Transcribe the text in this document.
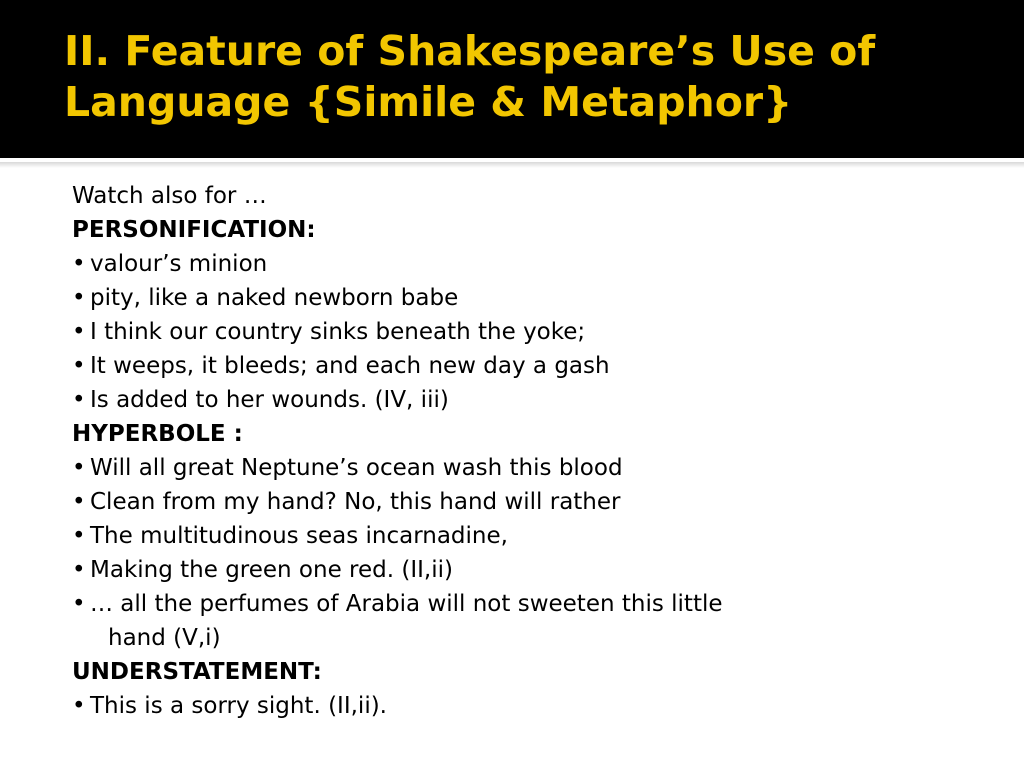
II. Feature of Shakespeare’s Use of
Language {Simile & Metaphor}
Watch also for …
PERSONIFICATION:
• valour’s minion
• pity, like a naked newborn babe
• I think our country sinks beneath the yoke;
• It weeps, it bleeds; and each new day a gash
• Is added to her wounds. (IV, iii)
HYPERBOLE :
• Will all great Neptune’s ocean wash this blood
• Clean from my hand? No, this hand will rather
• The multitudinous seas incarnadine,
• Making the green one red. (II,ii)
• … all the perfumes of Arabia will not sweeten this little
hand (V,i)
UNDERSTATEMENT:
• This is a sorry sight. (II,ii).
